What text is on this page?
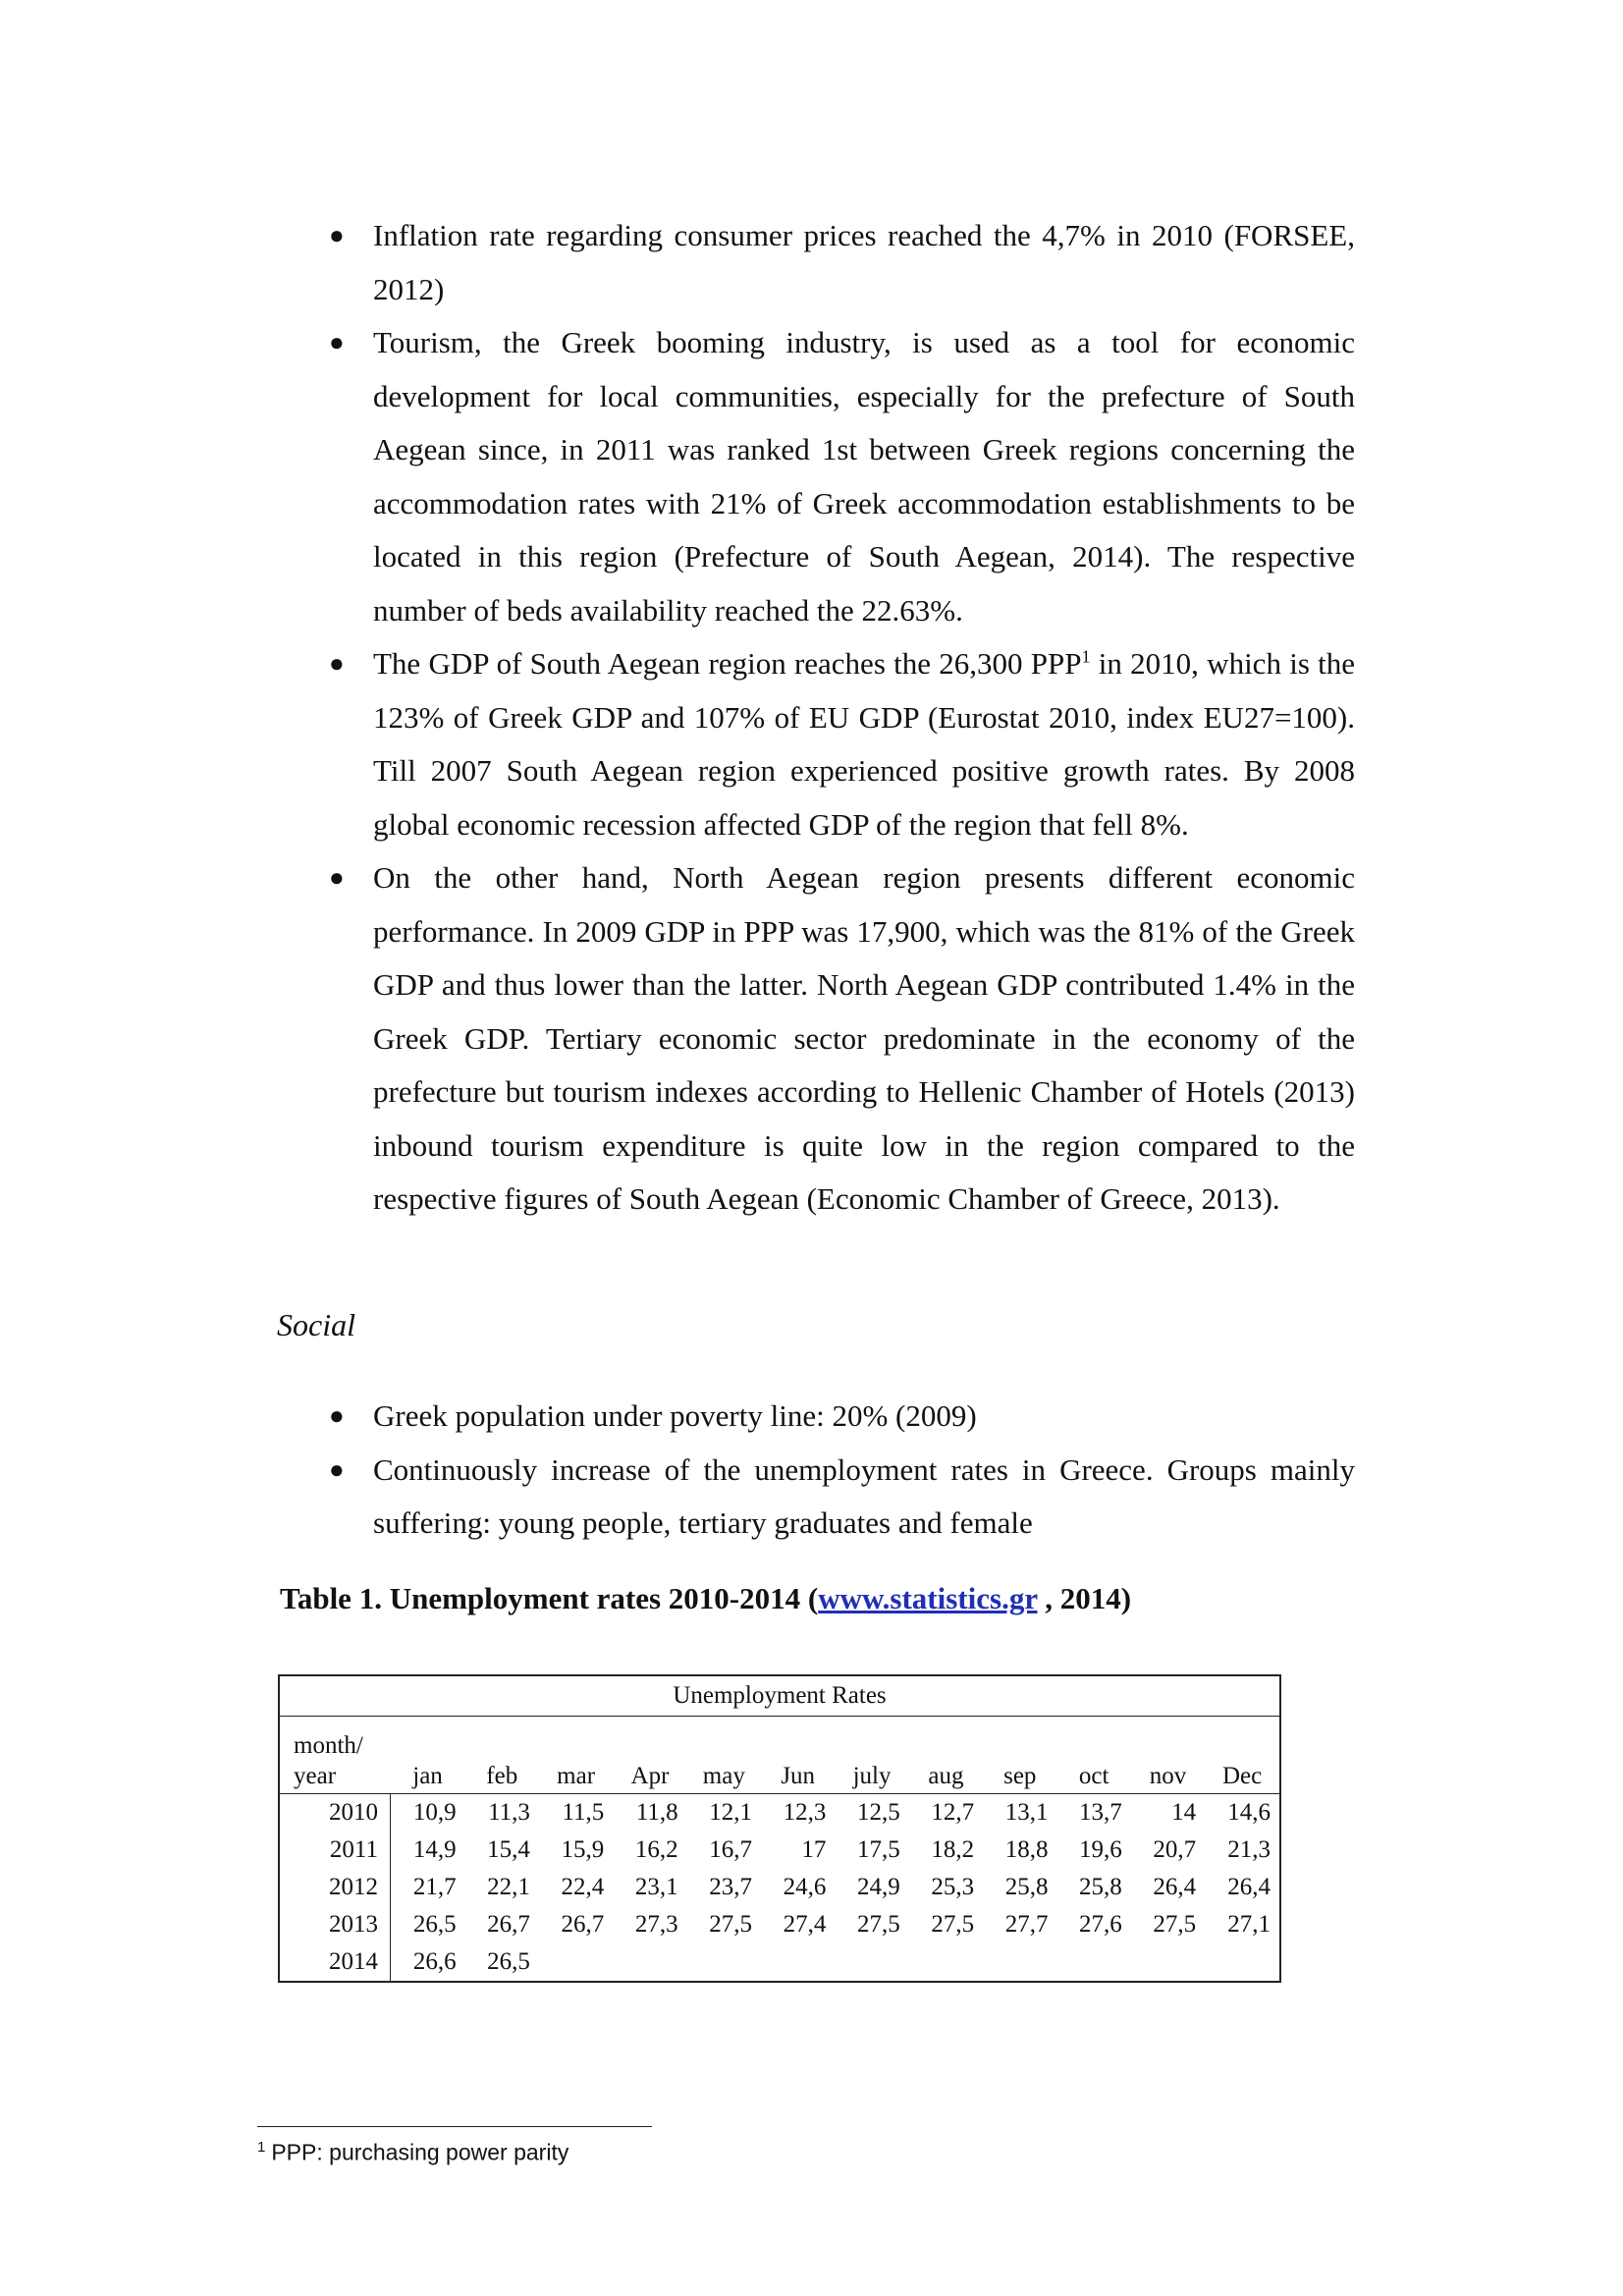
● Inflation rate regarding consumer prices reached the 4,7% in 2010 (FORSEE, 2012)
● Tourism, the Greek booming industry, is used as a tool for economic development for local communities, especially for the prefecture of South Aegean since, in 2011 was ranked 1st between Greek regions concerning the accommodation rates with 21% of Greek accommodation establishments to be located in this region (Prefecture of South Aegean, 2014). The respective number of beds availability reached the 22.63%.
● The GDP of South Aegean region reaches the 26,300 PPP$^1$ in 2010, which is the 123% of Greek GDP and 107% of EU GDP (Eurostat 2010, index EU27=100). Till 2007 South Aegean region experienced positive growth rates. By 2008 global economic recession affected GDP of the region that fell 8%.
● On the other hand, North Aegean region presents different economic performance. In 2009 GDP in PPP was 17,900, which was the 81% of the Greek GDP and thus lower than the latter. North Aegean GDP contributed 1.4% in the Greek GDP. Tertiary economic sector predominate in the economy of the prefecture but tourism indexes according to Hellenic Chamber of Hotels (2013) inbound tourism expenditure is quite low in the region compared to the respective figures of South Aegean (Economic Chamber of Greece, 2013).

Social

● Greek population under poverty line: 20% (2009)
● Continuously increase of the unemployment rates in Greece. Groups mainly suffering: young people, tertiary graduates and female

Table 1. Unemployment rates 2010-2014 (www.statistics.gr , 2014)

Unemployment Rates												
month/
year	jan	feb	mar	Apr	may	Jun	july	aug	sep	oct	nov	Dec
2010	10,9	11,3	11,5	11,8	12,1	12,3	12,5	12,7	13,1	13,7	14	14,6
2011	14,9	15,4	15,9	16,2	16,7	17	17,5	18,2	18,8	19,6	20,7	21,3
2012	21,7	22,1	22,4	23,1	23,7	24,6	24,9	25,3	25,8	25,8	26,4	26,4
2013	26,5	26,7	26,7	27,3	27,5	27,4	27,5	27,5	27,7	27,6	27,5	27,1
2014	26,6	26,5										

$^1$ PPP: purchasing power parity
